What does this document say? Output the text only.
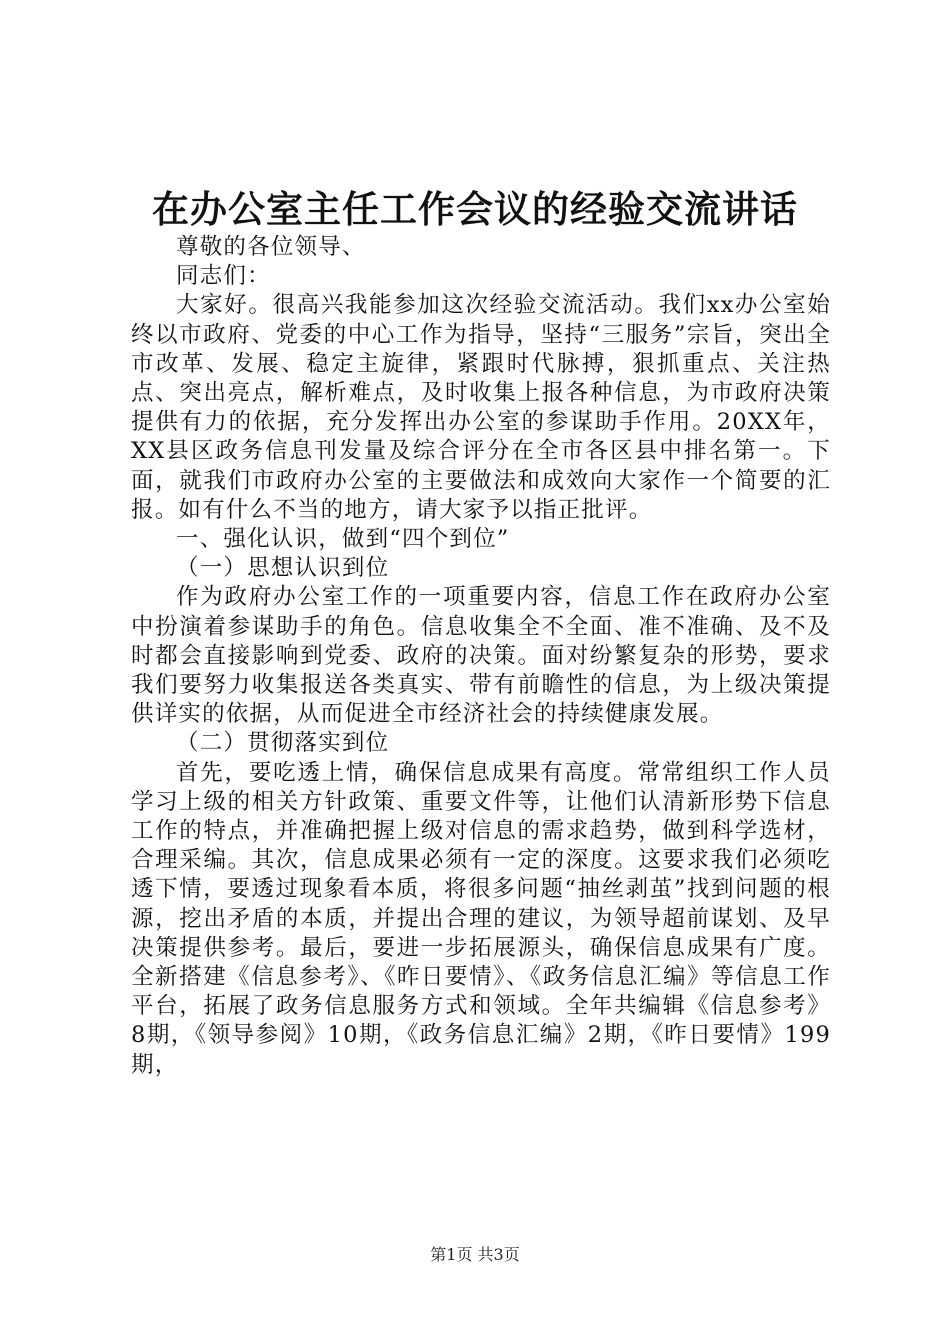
在办公室主任工作会议的经验交流讲话

尊敬的各位领导、

同志们：

大家好。很高兴我能参加这次经验交流活动。我们xx办公室始终以市政府、党委的中心工作为指导，坚持“三服务”宗旨，突出全市改革、发展、稳定主旋律，紧跟时代脉搏，狠抓重点、关注热点、突出亮点，解析难点，及时收集上报各种信息，为市政府决策提供有力的依据，充分发挥出办公室的参谋助手作用。20XX年，XX县区政务信息刊发量及综合评分在全市各区县中排名第一。下面，就我们市政府办公室的主要做法和成效向大家作一个简要的汇报。如有什么不当的地方，请大家予以指正批评。

一、强化认识，做到“四个到位”

（一）思想认识到位

作为政府办公室工作的一项重要内容，信息工作在政府办公室中扮演着参谋助手的角色。信息收集全不全面、准不准确、及不及时都会直接影响到党委、政府的决策。面对纷繁复杂的形势，要求我们要努力收集报送各类真实、带有前瞻性的信息，为上级决策提供详实的依据，从而促进全市经济社会的持续健康发展。

（二）贯彻落实到位

首先，要吃透上情，确保信息成果有高度。常常组织工作人员学习上级的相关方针政策、重要文件等，让他们认清新形势下信息工作的特点，并准确把握上级对信息的需求趋势，做到科学选材，合理采编。其次，信息成果必须有一定的深度。这要求我们必须吃透下情，要透过现象看本质，将很多问题“抽丝剥茧”找到问题的根源，挖出矛盾的本质，并提出合理的建议，为领导超前谋划、及早决策提供参考。最后，要进一步拓展源头，确保信息成果有广度。全新搭建《信息参考》、《昨日要情》、《政务信息汇编》等信息工作平台，拓展了政务信息服务方式和领域。全年共编辑《信息参考》8期，《领导参阅》10期，《政务信息汇编》2期，《昨日要情》199期，

第1页 共3页
